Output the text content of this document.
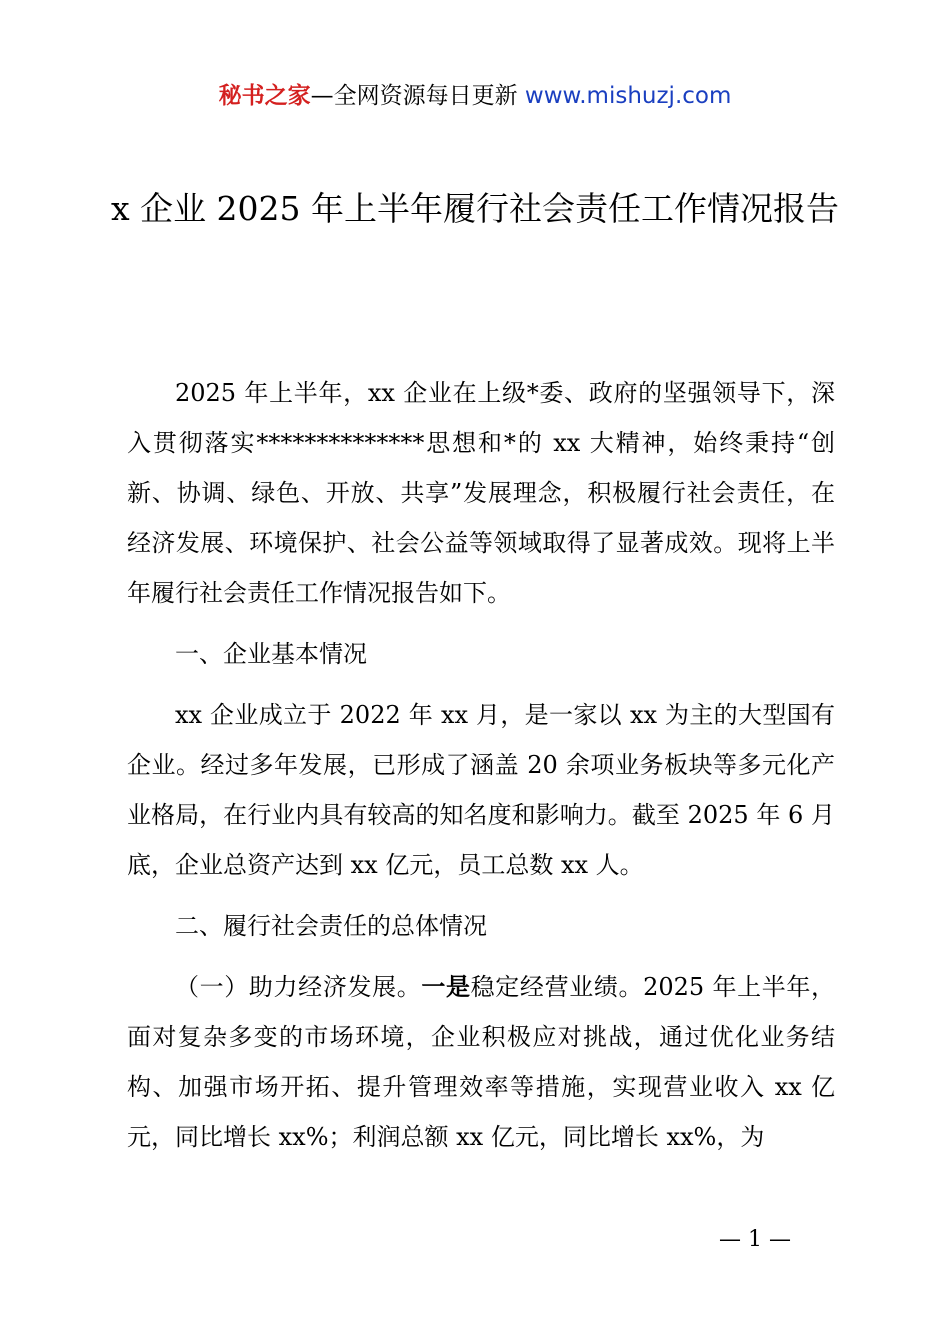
秘书之家—全网资源每日更新 www.mishuzj.com
x 企业 2025 年上半年履行社会责任工作情况报告

2025 年上半年，xx 企业在上级*委、政府的坚强领导下，深入贯彻落实**************思想和*的 xx 大精神，始终秉持“创新、协调、绿色、开放、共享”发展理念，积极履行社会责任，在经济发展、环境保护、社会公益等领域取得了显著成效。现将上半年履行社会责任工作情况报告如下。

一、企业基本情况

xx 企业成立于 2022 年 xx 月，是一家以 xx 为主的大型国有企业。经过多年发展，已形成了涵盖 20 余项业务板块等多元化产业格局，在行业内具有较高的知名度和影响力。截至 2025 年 6 月底，企业总资产达到 xx 亿元，员工总数 xx 人。

二、履行社会责任的总体情况

（一）助力经济发展。一是稳定经营业绩。2025 年上半年，面对复杂多变的市场环境，企业积极应对挑战，通过优化业务结构、加强市场开拓、提升管理效率等措施，实现营业收入 xx 亿元，同比增长 xx%；利润总额 xx 亿元，同比增长 xx%，为

— 1 —
